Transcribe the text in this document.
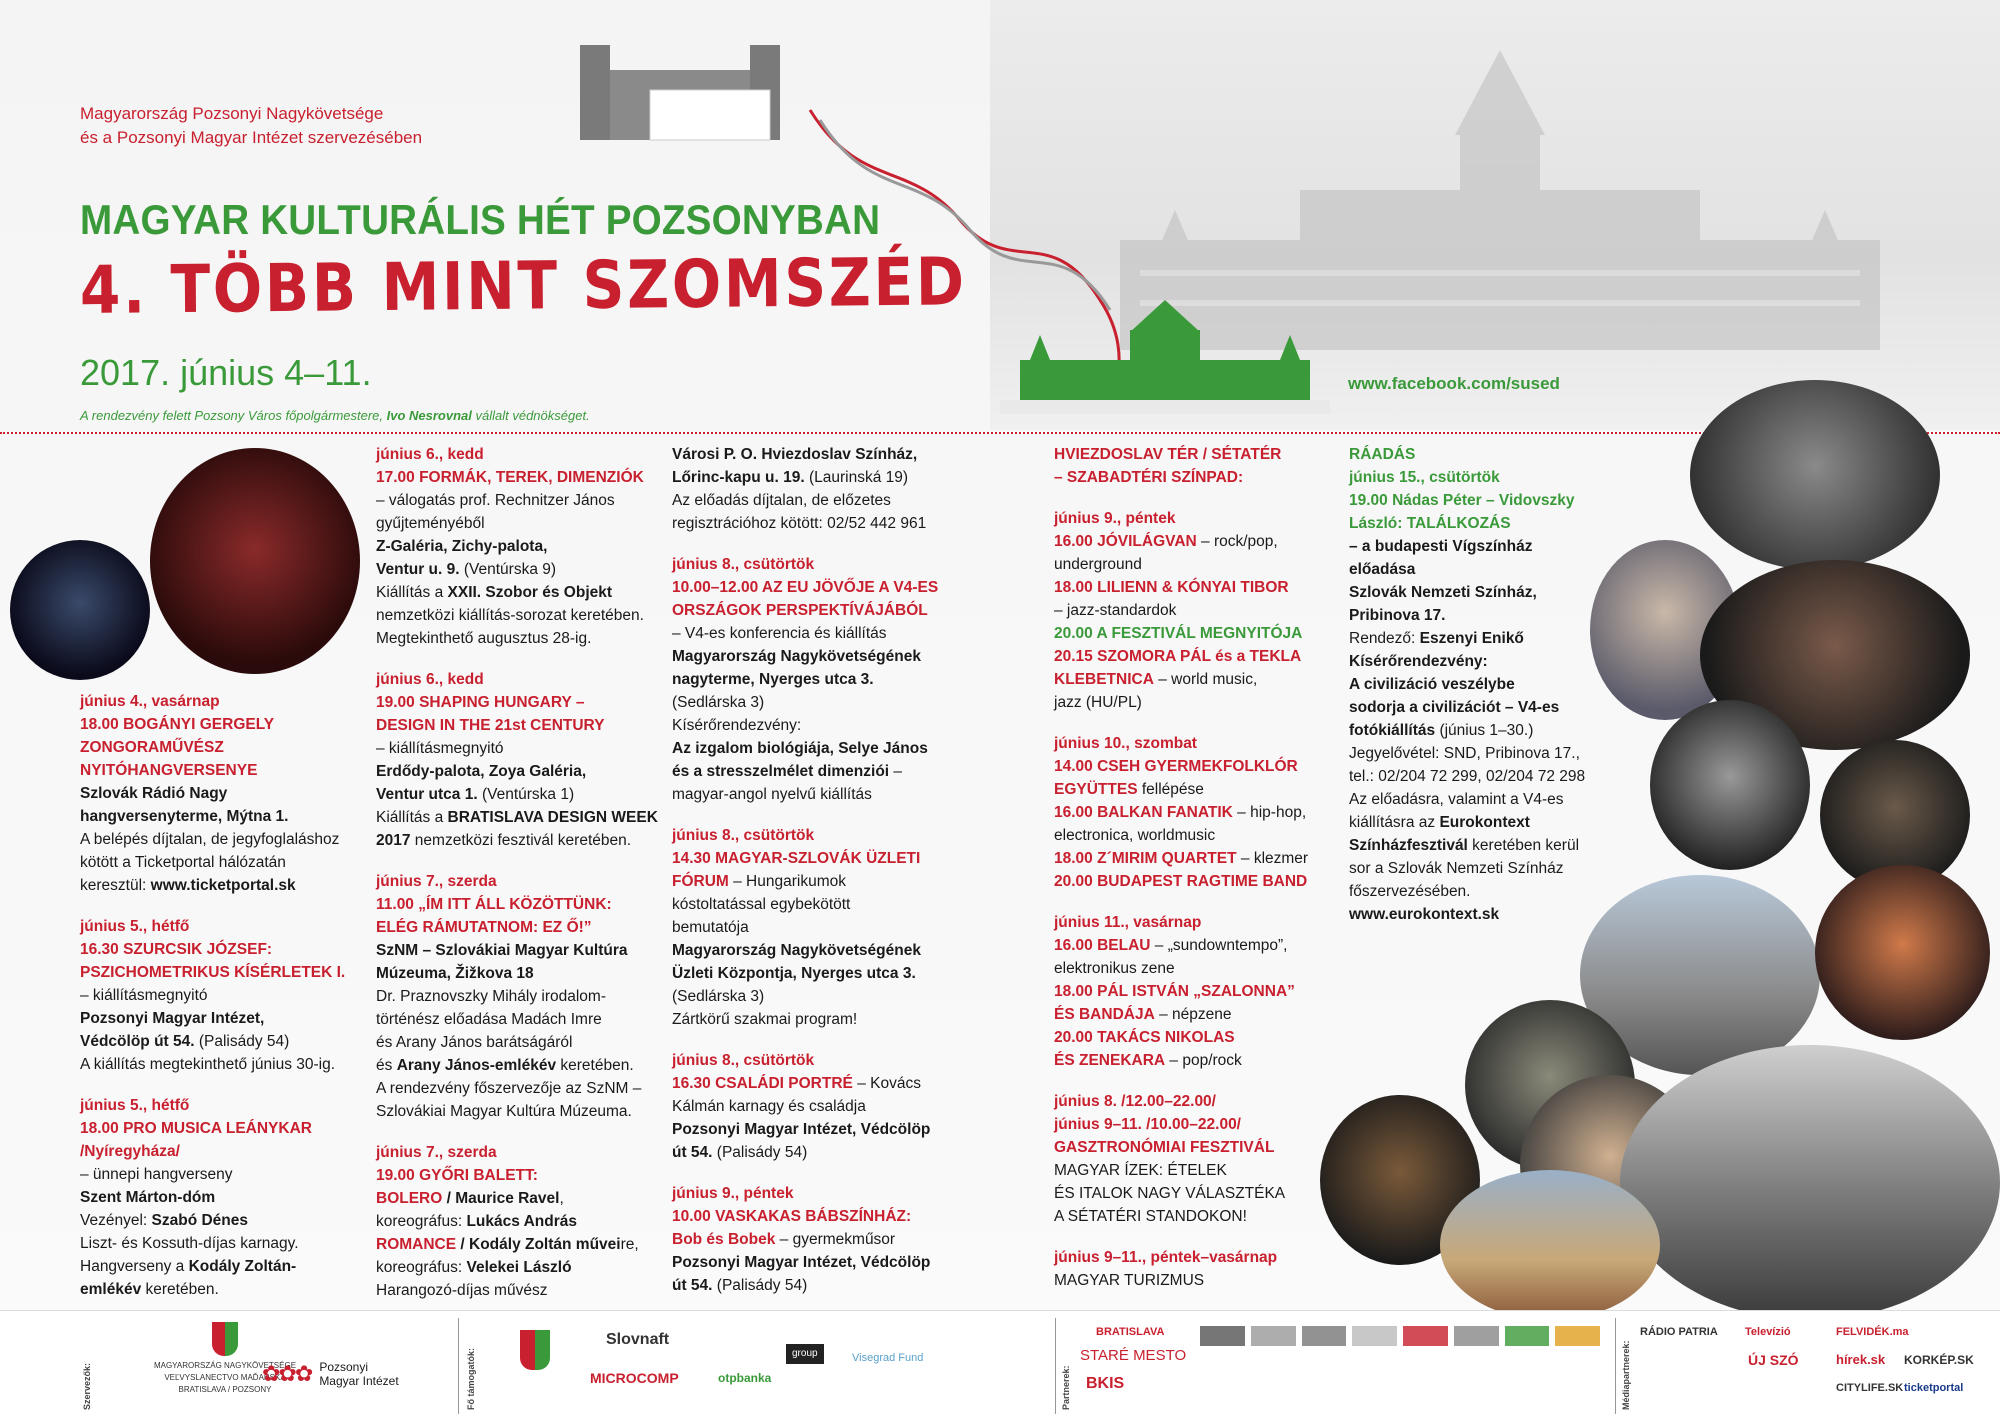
Magyarország Pozsonyi Nagykövetsége
és a Pozsonyi Magyar Intézet szervezésében
MAGYAR KULTURÁLIS HÉT POZSONYBAN
4. TÖBB MINT SZOMSZÉD
2017. június 4–11.
A rendezvény felett Pozsony Város főpolgármestere, Ivo Nesrovnal vállalt védnökséget.
www.facebook.com/sused

június 4., vasárnap

18.00 BOGÁNYI GERGELY
ZONGORAMŰVÉSZ
NYITÓHANGVERSENYE

Szlovák Rádió Nagy
hangversenyterme, Mýtna 1.

A belépés díjtalan, de jegyfoglaláshoz
kötött a Ticketportal hálózatán
keresztül: www.ticketportal.sk

június 5., hétfő

16.30 SZURCSIK JÓZSEF:
PSZICHOMETRIKUS KÍSÉRLETEK I.

– kiállításmegnyitó

Pozsonyi Magyar Intézet,
Védcölöp út 54. (Palisády 54)

A kiállítás megtekinthető június 30-ig.

június 5., hétfő

18.00 PRO MUSICA LEÁNYKAR
/Nyíregyháza/

– ünnepi hangverseny

Szent Márton-dóm

Vezényel: Szabó Dénes

Liszt- és Kossuth-díjas karnagy.
Hangverseny a Kodály Zoltán-
emlékév keretében.

június 6., kedd

17.00 FORMÁK, TEREK, DIMENZIÓK

– válogatás prof. Rechnitzer János
gyűjteményéből

Z-Galéria, Zichy-palota,
Ventur u. 9. (Ventúrska 9)

Kiállítás a XXII. Szobor és Objekt
nemzetközi kiállítás-sorozat keretében.
Megtekinthető augusztus 28-ig.

június 6., kedd

19.00 SHAPING HUNGARY –
DESIGN IN THE 21st CENTURY

– kiállításmegnyitó

Erdődy-palota, Zoya Galéria,
Ventur utca 1. (Ventúrska 1)

Kiállítás a BRATISLAVA DESIGN WEEK
2017 nemzetközi fesztivál keretében.

június 7., szerda

11.00 „ÍM ITT ÁLL KÖZÖTTÜNK:
ELÉG RÁMUTATNOM: EZ Ő!”

SzNM – Szlovákiai Magyar Kultúra
Múzeuma, Žižkova 18

Dr. Praznovszky Mihály irodalom-
történész előadása Madách Imre
és Arany János barátságáról
és Arany János-emlékév keretében.
A rendezvény főszervezője az SzNM –
Szlovákiai Magyar Kultúra Múzeuma.

június 7., szerda

19.00 GYŐRI BALETT:

BOLERO / Maurice Ravel,
koreográfus: Lukács András

ROMANCE / Kodály Zoltán műveire,
koreográfus: Velekei László
Harangozó-díjas művész

Városi P. O. Hviezdoslav Színház,
Lőrinc-kapu u. 19. (Laurinská 19)

Az előadás díjtalan, de előzetes
regisztrációhoz kötött: 02/52 442 961

június 8., csütörtök

10.00–12.00 AZ EU JÖVŐJE A V4-ES
ORSZÁGOK PERSPEKTÍVÁJÁBÓL

– V4-es konferencia és kiállítás

Magyarország Nagykövetségének
nagyterme, Nyerges utca 3.
(Sedlárska 3)

Kísérőrendezvény:

Az izgalom biológiája, Selye János
és a stresszelmélet dimenziói –
magyar-angol nyelvű kiállítás

június 8., csütörtök

14.30 MAGYAR-SZLOVÁK ÜZLETI
FÓRUM – Hungarikumok
kóstoltatással egybekötött
bemutatója

Magyarország Nagykövetségének
Üzleti Központja, Nyerges utca 3.
(Sedlárska 3)

Zártkörű szakmai program!

június 8., csütörtök

16.30 CSALÁDI PORTRÉ – Kovács
Kálmán karnagy és családja

Pozsonyi Magyar Intézet, Védcölöp
út 54. (Palisády 54)

június 9., péntek

10.00 VASKAKAS BÁBSZÍNHÁZ:

Bob és Bobek – gyermekműsor

Pozsonyi Magyar Intézet, Védcölöp
út 54. (Palisády 54)

HVIEZDOSLAV TÉR / SÉTATÉR
– SZABADTÉRI SZÍNPAD:

június 9., péntek

16.00 JÓVILÁGVAN – rock/pop,
underground

18.00 LILIENN & KÓNYAI TIBOR
– jazz-standardok

20.00 A FESZTIVÁL MEGNYITÓJA

20.15 SZOMORA PÁL és a TEKLA
KLEBETNICA – world music,
jazz (HU/PL)

június 10., szombat

14.00 CSEH GYERMEKFOLKLÓR
EGYÜTTES fellépése

16.00 BALKAN FANATIK – hip-hop,
electronica, worldmusic

18.00 Z´MIRIM QUARTET – klezmer

20.00 BUDAPEST RAGTIME BAND

június 11., vasárnap

16.00 BELAU – „sundowntempo”,
elektronikus zene

18.00 PÁL ISTVÁN „SZALONNA”
ÉS BANDÁJA – népzene

20.00 TAKÁCS NIKOLAS
ÉS ZENEKARA – pop/rock

június 8. /12.00–22.00/
június 9–11. /10.00–22.00/

GASZTRONÓMIAI FESZTIVÁL

MAGYAR ÍZEK: ÉTELEK
ÉS ITALOK NAGY VÁLASZTÉKA
A SÉTATÉRI STANDOKON!

június 9–11., péntek–vasárnap

MAGYAR TURIZMUS

RÁADÁS

június 15., csütörtök

19.00 Nádas Péter – Vidovszky
László: TALÁLKOZÁS

– a budapesti Vígszínház
előadása

Szlovák Nemzeti Színház,
Pribinova 17.

Rendező: Eszenyi Enikő

Kísérőrendezvény:

A civilizáció veszélybe
sodorja a civilizációt – V4-es
fotókiállítás (június 1–30.)

Jegyelővétel: SND, Pribinova 17.,
tel.: 02/204 72 299, 02/204 72 298

Az előadásra, valamint a V4-es
kiállításra az Eurokontext
Színházfesztivál keretében kerül
sor a Szlovák Nemzeti Színház
főszervezésében.

www.eurokontext.sk

Szervezők:	MAGYARORSZÁG NAGYKÖVETSÉGE
VEĽVYSLANECTVO MAĎARSKA
BRATISLAVA / POZSONY
✿✿✿ Pozsonyi
Magyar Intézet	Fő támogatók:
Slovnaft
MICROCOMP	otpbanka
group	Visegrad Fund
Partnerek:
BRATISLAVA
STARÉ MESTO
BKIS	Médiapartnerek:
RÁDIO PATRIA Televízió	FELVIDÉK.ma
ÚJ SZÓ	hírek.sk KORKÉP.SK
CITYLIFE.SK ticketportal
